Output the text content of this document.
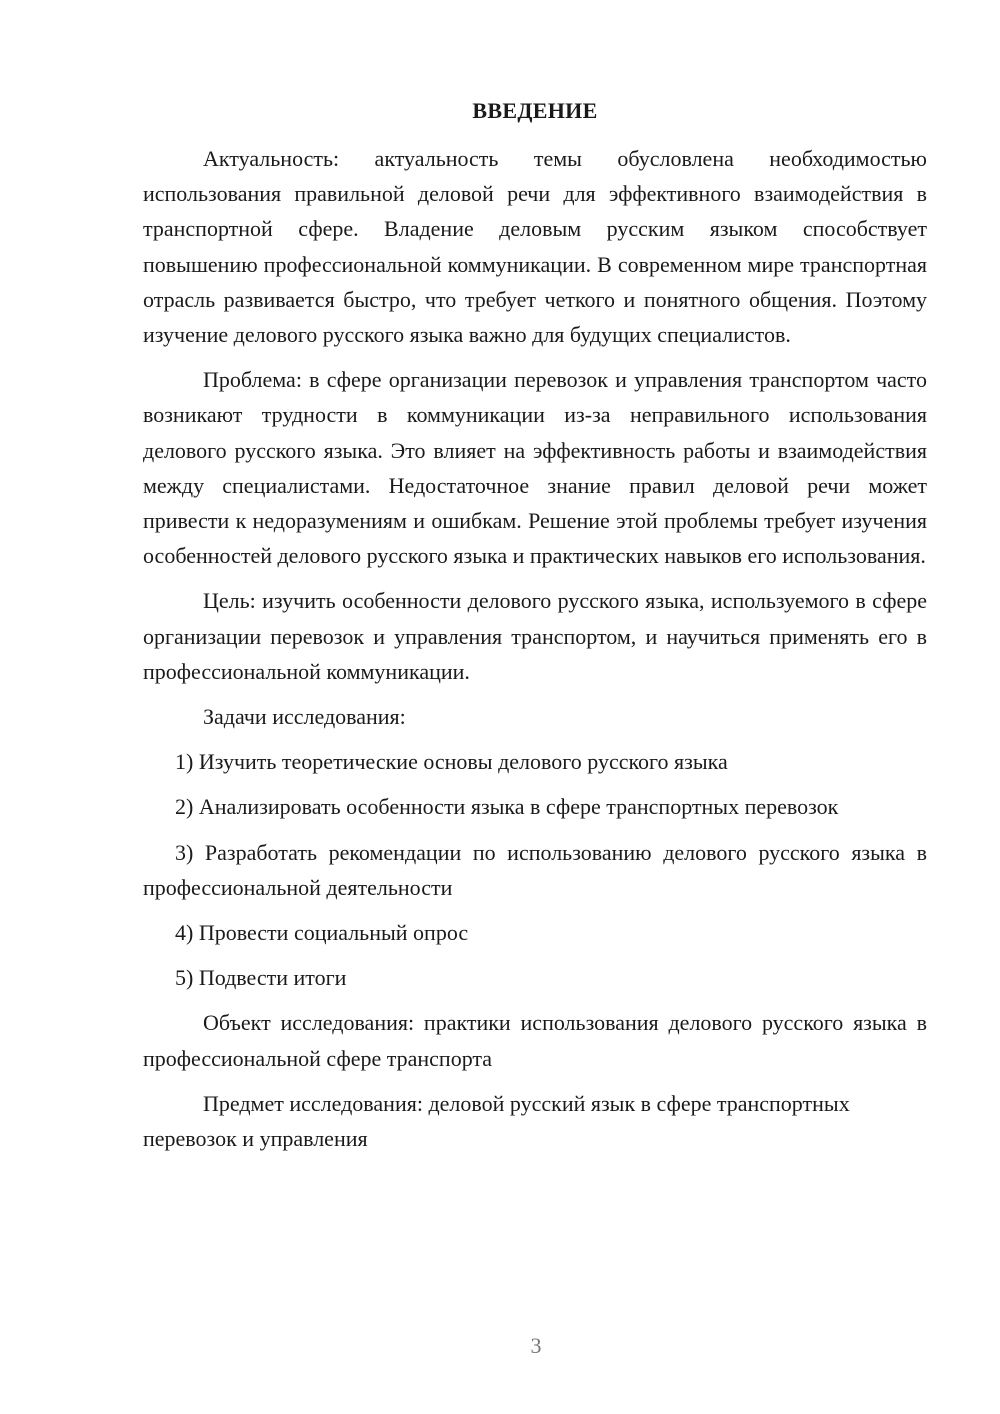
ВВЕДЕНИЕ

Актуальность: актуальность темы обусловлена необходимостью использования правильной деловой речи для эффективного взаимодействия в транспортной сфере. Владение деловым русским языком способствует повышению профессиональной коммуникации. В современном мире транспортная отрасль развивается быстро, что требует четкого и понятного общения. Поэтому изучение делового русского языка важно для будущих специалистов.

Проблема: в сфере организации перевозок и управления транспортом часто возникают трудности в коммуникации из-за неправильного использования делового русского языка. Это влияет на эффективность работы и взаимодействия между специалистами. Недостаточное знание правил деловой речи может привести к недоразумениям и ошибкам. Решение этой проблемы требует изучения особенностей делового русского языка и практических навыков его использования.

Цель: изучить особенности делового русского языка, используемого в сфере организации перевозок и управления транспортом, и научиться применять его в профессиональной коммуникации.

Задачи исследования:

1) Изучить теоретические основы делового русского языка

2) Анализировать особенности языка в сфере транспортных перевозок

3) Разработать рекомендации по использованию делового русского языка в профессиональной деятельности

4) Провести социальный опрос

5) Подвести итоги

Объект исследования: практики использования делового русского языка в профессиональной сфере транспорта

Предмет исследования: деловой русский язык в сфере транспортных перевозок и управления

3
